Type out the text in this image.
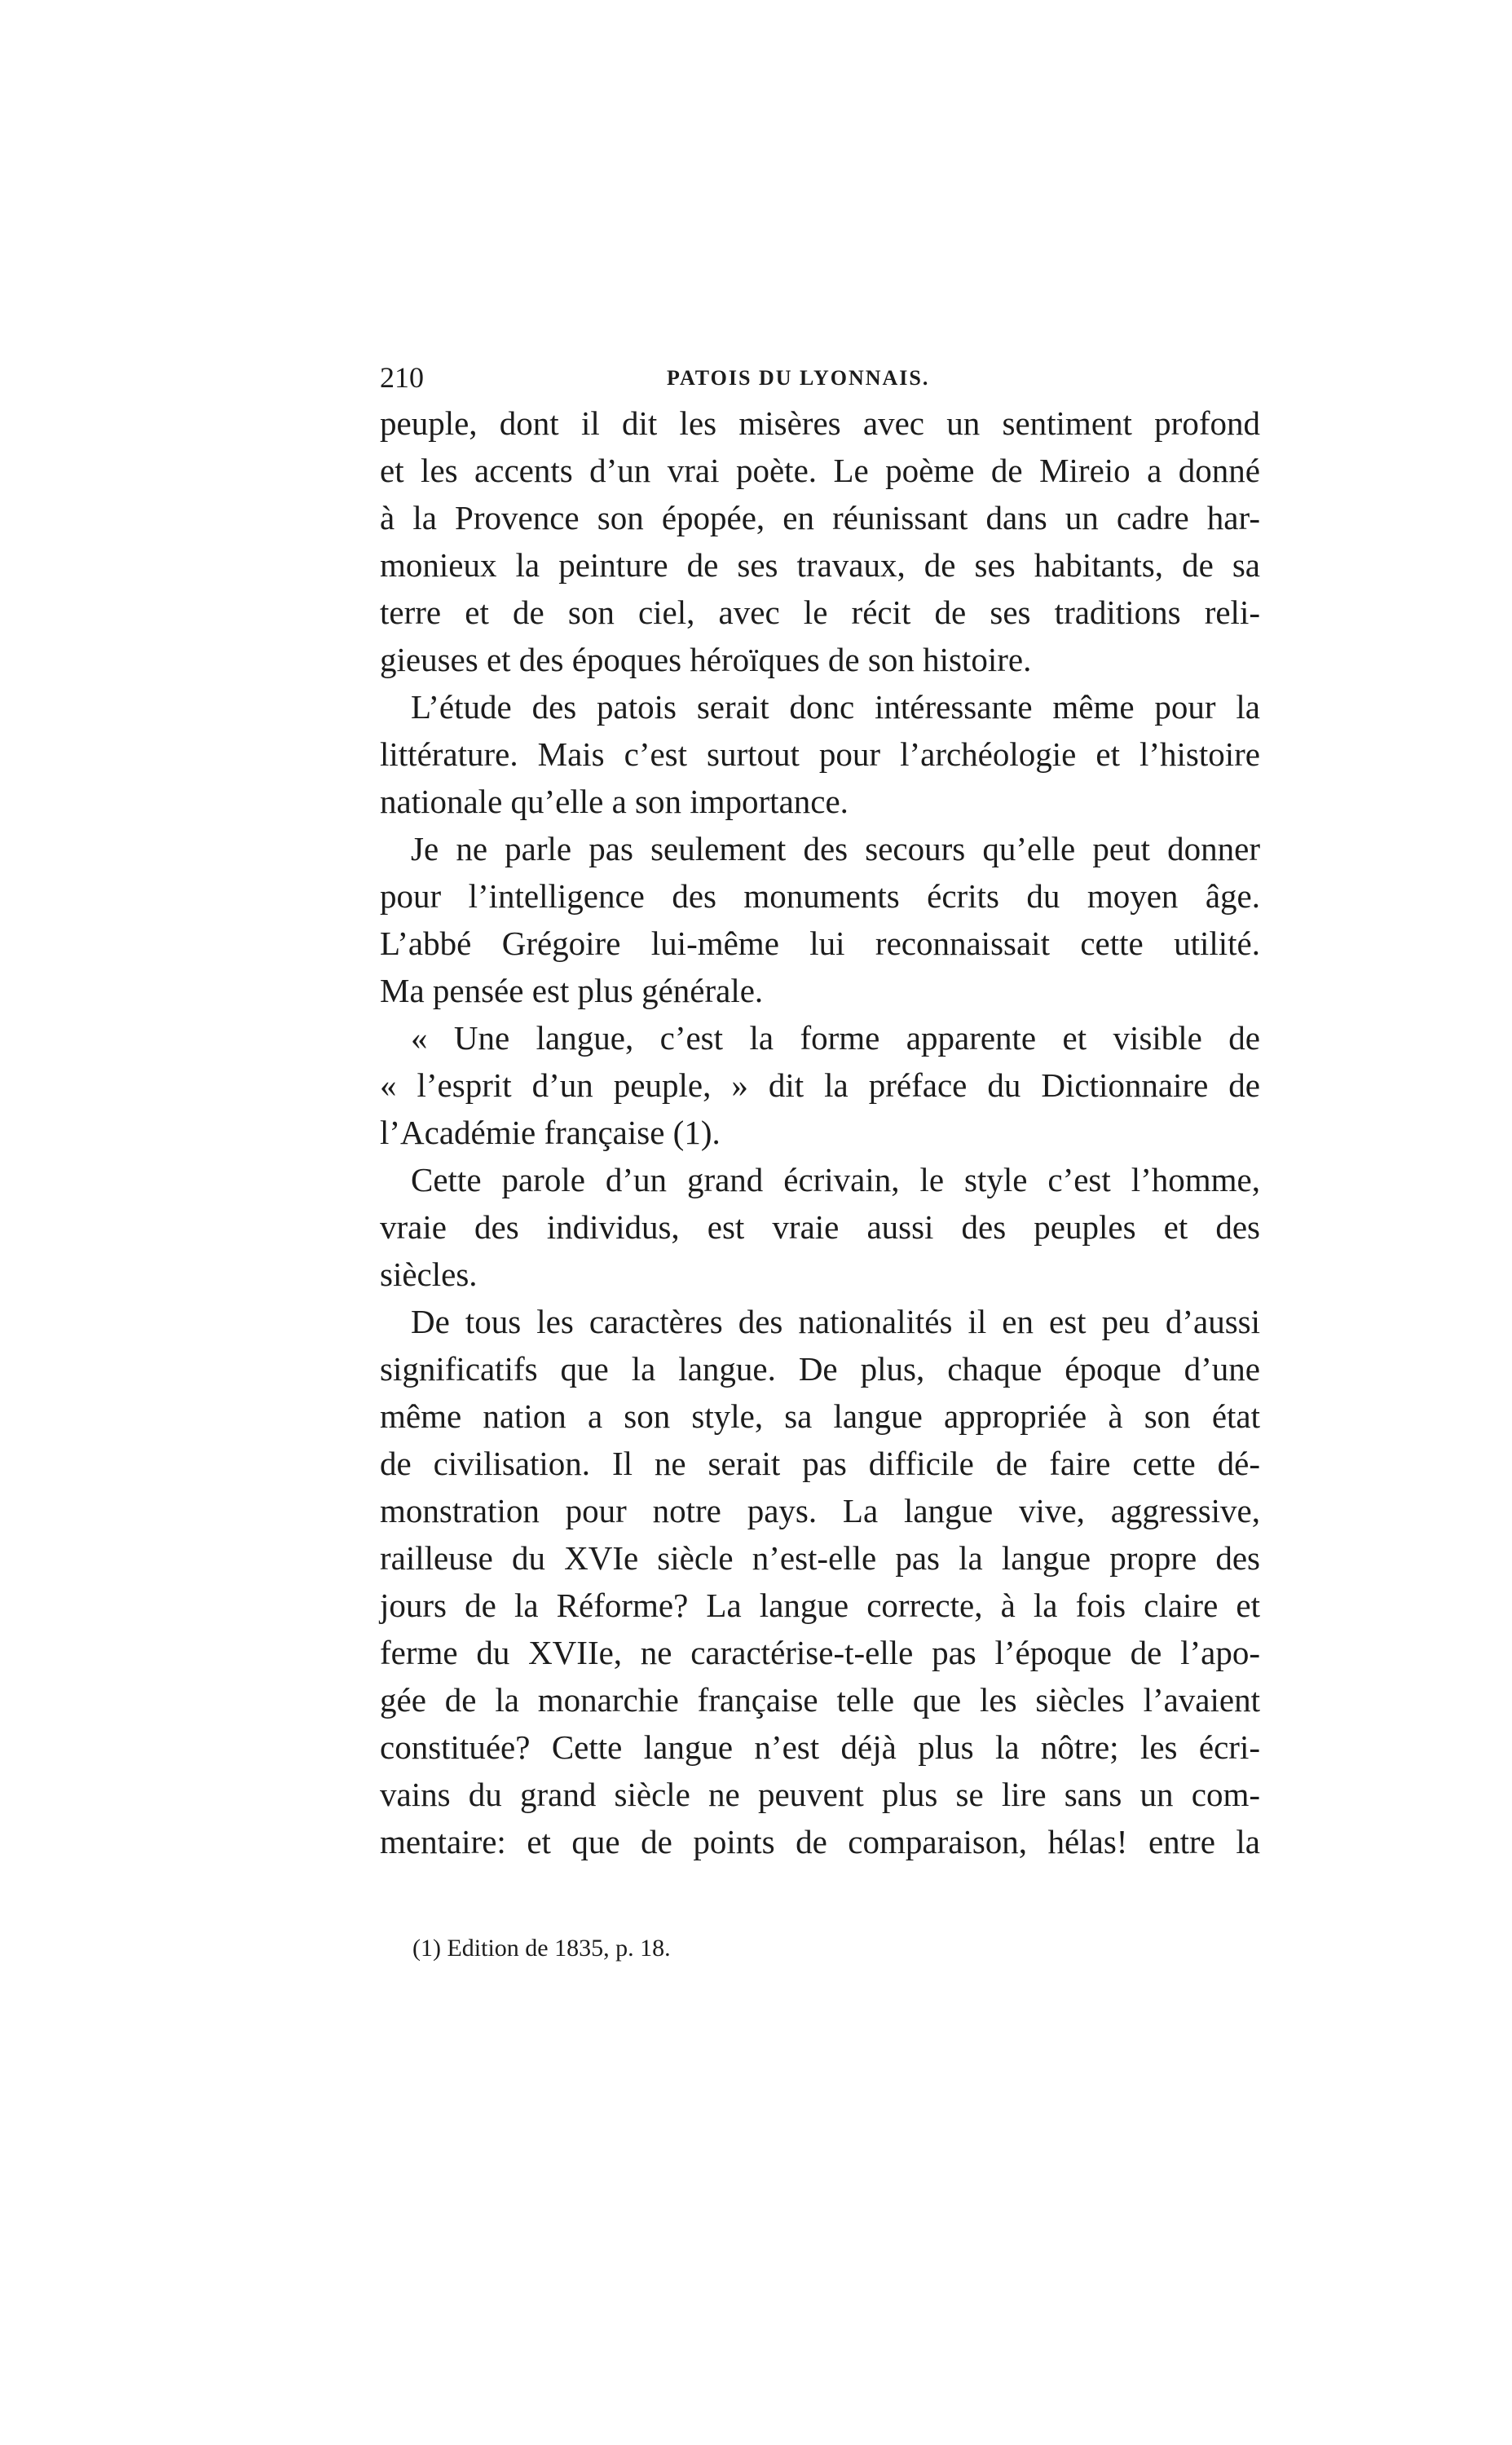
210	PATOIS DU LYONNAIS.
peuple, dont il dit les misères avec un sentiment profond
et les accents d’un vrai poète. Le poème de Mireio a donné
à la Provence son épopée, en réunissant dans un cadre har-
monieux la peinture de ses travaux, de ses habitants, de sa
terre et de son ciel, avec le récit de ses traditions reli-
gieuses et des époques héroïques de son histoire.
L’étude des patois serait donc intéressante même pour la
littérature. Mais c’est surtout pour l’archéologie et l’histoire
nationale qu’elle a son importance.
Je ne parle pas seulement des secours qu’elle peut donner
pour l’intelligence des monuments écrits du moyen âge.
L’abbé Grégoire lui-même lui reconnaissait cette utilité.
Ma pensée est plus générale.
« Une langue, c’est la forme apparente et visible de
« l’esprit d’un peuple, » dit la préface du Dictionnaire de
l’Académie française (1).
Cette parole d’un grand écrivain, le style c’est l’homme,
vraie des individus, est vraie aussi des peuples et des
siècles.
De tous les caractères des nationalités il en est peu d’aussi
significatifs que la langue. De plus, chaque époque d’une
même nation a son style, sa langue appropriée à son état
de civilisation. Il ne serait pas difficile de faire cette dé-
monstration pour notre pays. La langue vive, aggressive,
railleuse du XVIe siècle n’est-elle pas la langue propre des
jours de la Réforme? La langue correcte, à la fois claire et
ferme du XVIIe, ne caractérise-t-elle pas l’époque de l’apo-
gée de la monarchie française telle que les siècles l’avaient
constituée? Cette langue n’est déjà plus la nôtre; les écri-
vains du grand siècle ne peuvent plus se lire sans un com-
mentaire: et que de points de comparaison, hélas! entre la
(1) Edition de 1835, p. 18.
